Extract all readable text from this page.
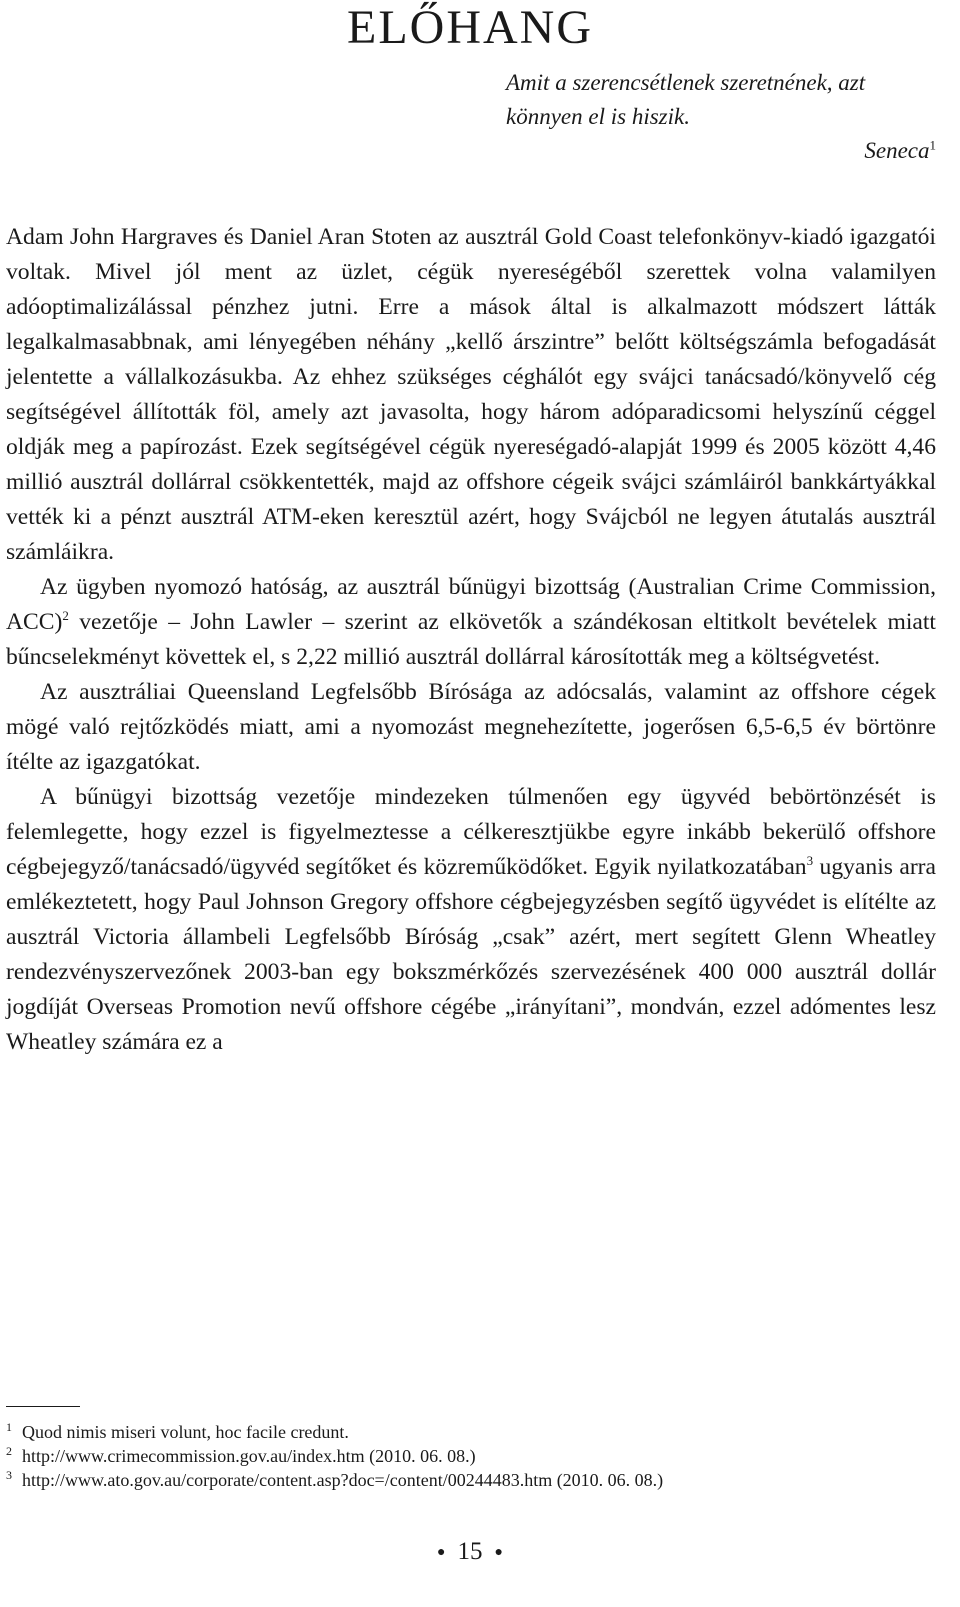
ELŐHANG

Amit a szerencsétlenek szeretnének, azt
könnyen el is hiszik.

Seneca$^1$

Adam John Hargraves és Daniel Aran Stoten az ausztrál Gold Coast telefonkönyv-kiadó igazgatói voltak. Mivel jól ment az üzlet, cégük nyereségéből szerettek volna valamilyen adóoptimalizálással pénzhez jutni. Erre a mások által is alkalmazott módszert látták legalkalmasabbnak, ami lényegében néhány „kellő árszintre” belőtt költségszámla befogadását jelentette a vállalkozásukba. Az ehhez szükséges céghálót egy svájci tanácsadó/könyvelő cég segítségével állították föl, amely azt javasolta, hogy három adóparadicsomi helyszínű céggel oldják meg a papírozást. Ezek segítségével cégük nyereségadó-alapját 1999 és 2005 között 4,46 millió ausztrál dollárral csökkentették, majd az offshore cégeik svájci számláiról bankkártyákkal vették ki a pénzt ausztrál ATM-eken keresztül azért, hogy Svájcból ne legyen átutalás ausztrál számláikra.

Az ügyben nyomozó hatóság, az ausztrál bűnügyi bizottság (Australian Crime Commission, ACC)$^2$ vezetője – John Lawler – szerint az elkövetők a szándékosan eltitkolt bevételek miatt bűncselekményt követtek el, s 2,22 millió ausztrál dollárral károsították meg a költségvetést.

Az ausztráliai Queensland Legfelsőbb Bírósága az adócsalás, valamint az offshore cégek mögé való rejtőzködés miatt, ami a nyomozást megnehezítette, jogerősen 6,5-6,5 év börtönre ítélte az igazgatókat.

A bűnügyi bizottság vezetője mindezeken túlmenően egy ügyvéd bebörtönzését is felemlegette, hogy ezzel is figyelmeztesse a célkeresztjükbe egyre inkább bekerülő offshore cégbejegyző/tanácsadó/ügyvéd segítőket és közreműködőket. Egyik nyilatkozatában$^3$ ugyanis arra emlékeztetett, hogy Paul Johnson Gregory offshore cégbejegyzésben segítő ügyvédet is elítélte az ausztrál Victoria állambeli Legfelsőbb Bíróság „csak” azért, mert segített Glenn Wheatley rendezvényszervezőnek 2003-ban egy bokszmérkőzés szervezésének 400 000 ausztrál dollár jogdíját Overseas Promotion nevű offshore cégébe „irányítani”, mondván, ezzel adómentes lesz Wheatley számára ez a

1 Quod nimis miseri volunt, hoc facile credunt.

2 http://www.crimecommission.gov.au/index.htm (2010. 06. 08.)

3 http://www.ato.gov.au/corporate/content.asp?doc=/content/00244483.htm (2010. 06. 08.)

● 15 ●
